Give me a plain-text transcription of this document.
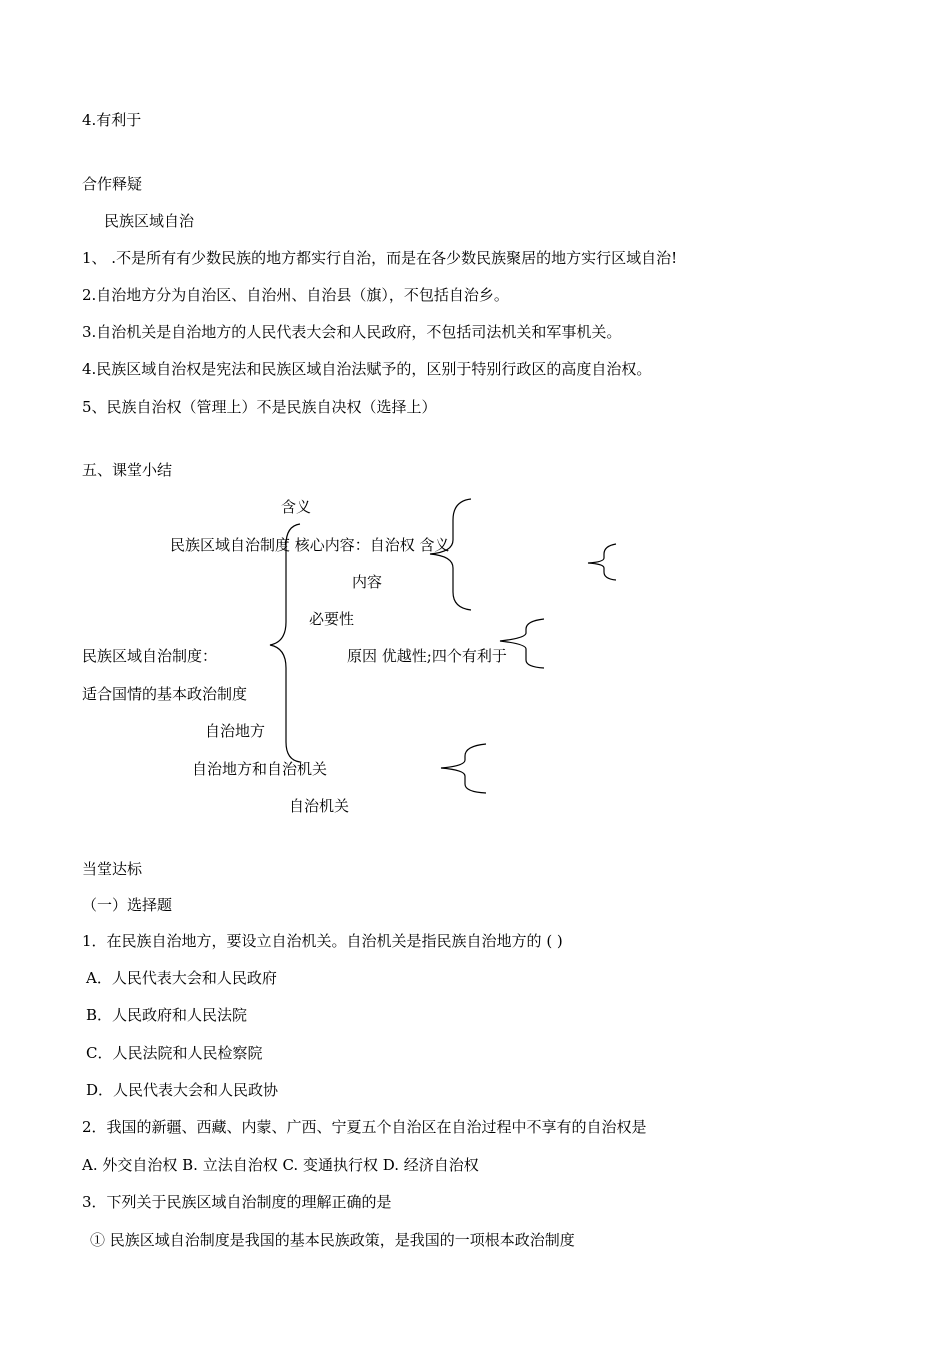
4.有利于
合作释疑
民族区域自治
1、 .不是所有有少数民族的地方都实行自治，而是在各少数民族聚居的地方实行区域自治!
2.自治地方分为自治区、自治州、自治县（旗），不包括自治乡。
3.自治机关是自治地方的人民代表大会和人民政府，不包括司法机关和军事机关。
4.民族区域自治权是宪法和民族区域自治法赋予的，区别于特别行政区的高度自治权。
5、民族自治权（管理上）不是民族自决权（选择上）
五、课堂小结
含义
民族区域自治制度 核心内容：自治权 含义
内容
必要性
民族区域自治制度：	原因 优越性;四个有利于
适合国情的基本政治制度
自治地方
自治地方和自治机关
自治机关
当堂达标
（一）选择题
1．在民族自治地方，要设立自治机关。自治机关是指民族自治地方的 ( )
A．人民代表大会和人民政府
B．人民政府和人民法院
C．人民法院和人民检察院
D．人民代表大会和人民政协
2．我国的新疆、西藏、内蒙、广西、宁夏五个自治区在自治过程中不享有的自治权是
A. 外交自治权 B. 立法自治权 C. 变通执行权 D. 经济自治权
3．下列关于民族区域自治制度的理解正确的是
① 民族区域自治制度是我国的基本民族政策，是我国的一项根本政治制度
